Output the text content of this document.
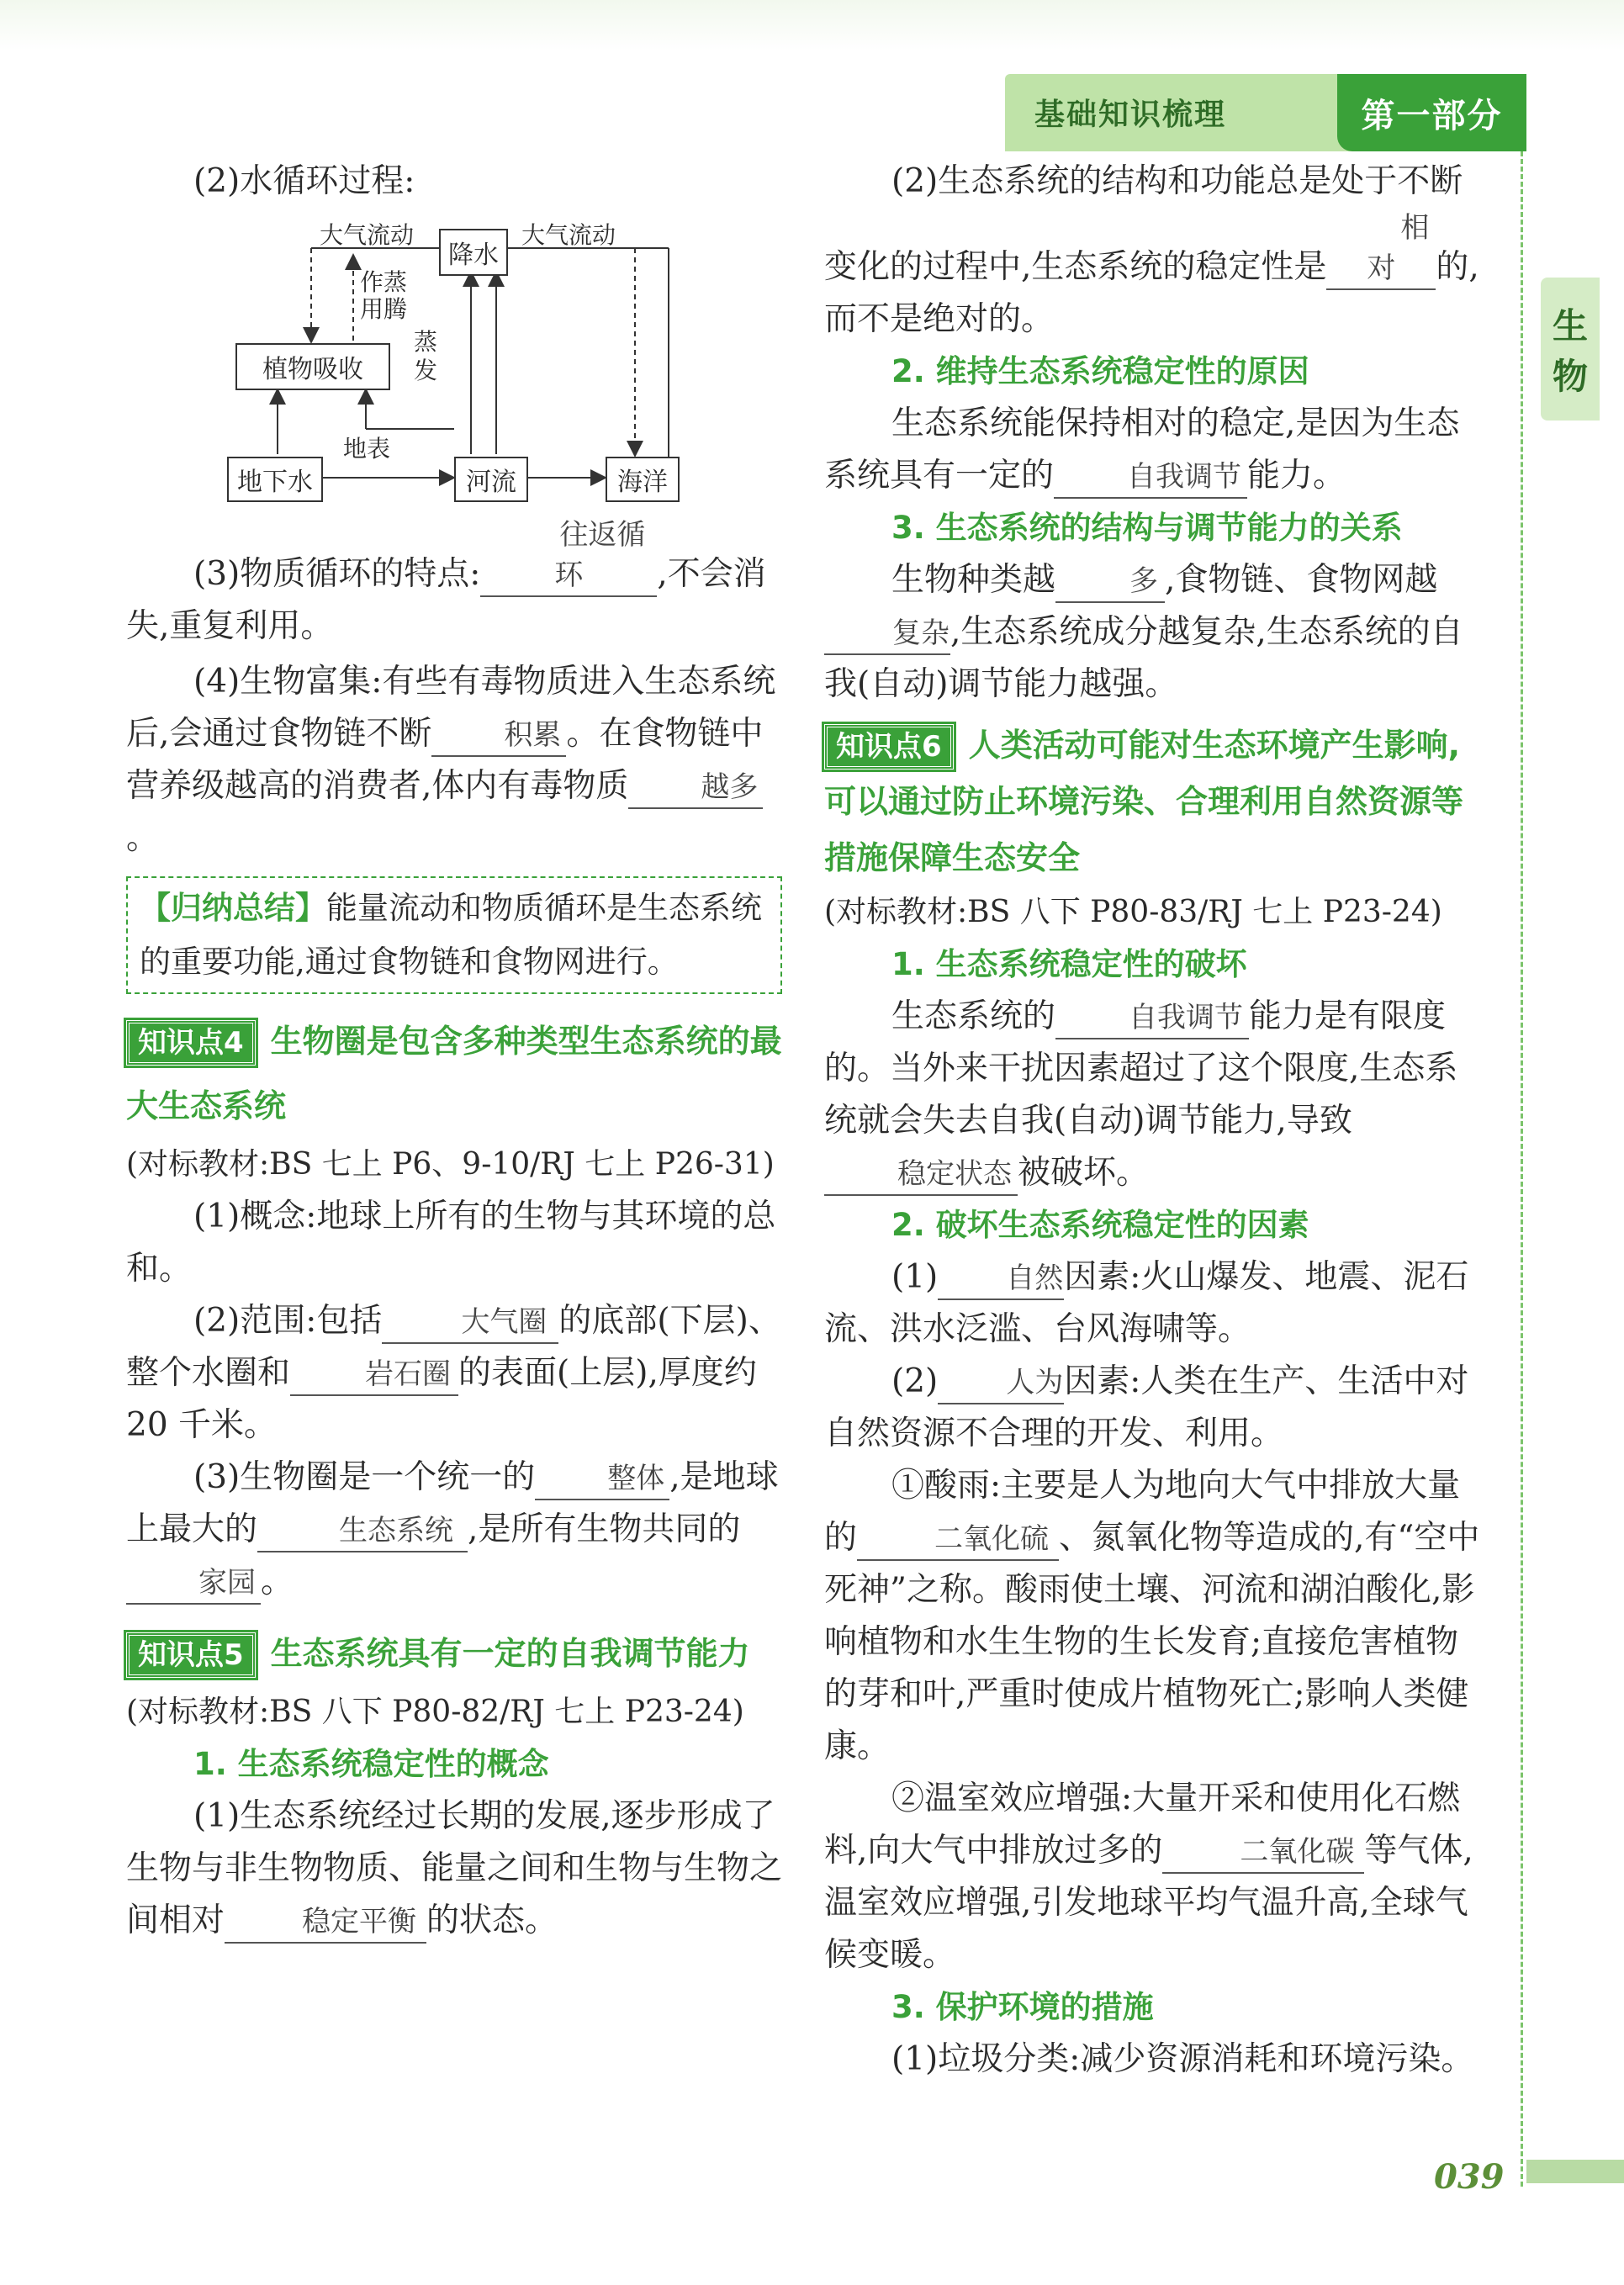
基础知识梳理	第一部分
生
物

(2)水循环过程:

降水
植物吸收
地下水	河流	海洋
大气流动	大气流动
作蒸用腾
蒸发
地表

(3)物质循环的特点:往返循环 ,不会消失,重复利用。

(4)生物富集:有些有毒物质进入生态系统后,会通过食物链不断	积累 。在食物链中营养级越高的消费者,体内有毒物质	越多。

【归纳总结】能量流动和物质循环是生态系统的重要功能,通过食物链和食物网进行。

知识点4 生物圈是包含多种类型生态系统的最大生态系统

(对标教材:BS 七上 P6、9-10/RJ 七上 P26-31)

(1)概念:地球上所有的生物与其环境的总和。

(2)范围:包括	大气圈 的底部(下层)、整个水圈和	岩石圈 的表面(上层),厚度约 20 千米。

(3)生物圈是一个统一的	整体 ,是地球上最大的	生态系统 ,是所有生物共同的家园 。

知识点5 生态系统具有一定的自我调节能力

(对标教材:BS 八下 P80-82/RJ 七上 P23-24)

1. 生态系统稳定性的概念

(1)生态系统经过长期的发展,逐步形成了生物与非生物物质、能量之间和生物与生物之间相对	稳定平衡 的状态。

(2)生态系统的结构和功能总是处于不断变化的过程中,生态系统的稳定性是相对 的,而不是绝对的。

2. 维持生态系统稳定性的原因

生态系统能保持相对的稳定,是因为生态系统具有一定的	自我调节 能力。

3. 生态系统的结构与调节能力的关系

生物种类越	多 ,食物链、食物网越复杂,生态系统成分越复杂,生态系统的自我(自动)调节能力越强。

知识点6 人类活动可能对生态环境产生影响,可以通过防止环境污染、合理利用自然资源等措施保障生态安全

(对标教材:BS 八下 P80-83/RJ 七上 P23-24)

1. 生态系统稳定性的破坏

生态系统的	自我调节 能力是有限度的。当外来干扰因素超过了这个限度,生态系统就会失去自我(自动)调节能力,导致稳定状态 被破坏。

2. 破坏生态系统稳定性的因素

(1) 自然因素:火山爆发、地震、泥石流、洪水泛滥、台风海啸等。

(2) 人为因素:人类在生产、生活中对自然资源不合理的开发、利用。

①酸雨:主要是人为地向大气中排放大量的	二氧化硫 、氮氧化物等造成的,有“空中死神”之称。酸雨使土壤、河流和湖泊酸化,影响植物和水生生物的生长发育;直接危害植物的芽和叶,严重时使成片植物死亡;影响人类健康。

②温室效应增强:大量开采和使用化石燃料,向大气中排放过多的	二氧化碳 等气体,温室效应增强,引发地球平均气温升高,全球气候变暖。

3. 保护环境的措施

(1)垃圾分类:减少资源消耗和环境污染。

039
